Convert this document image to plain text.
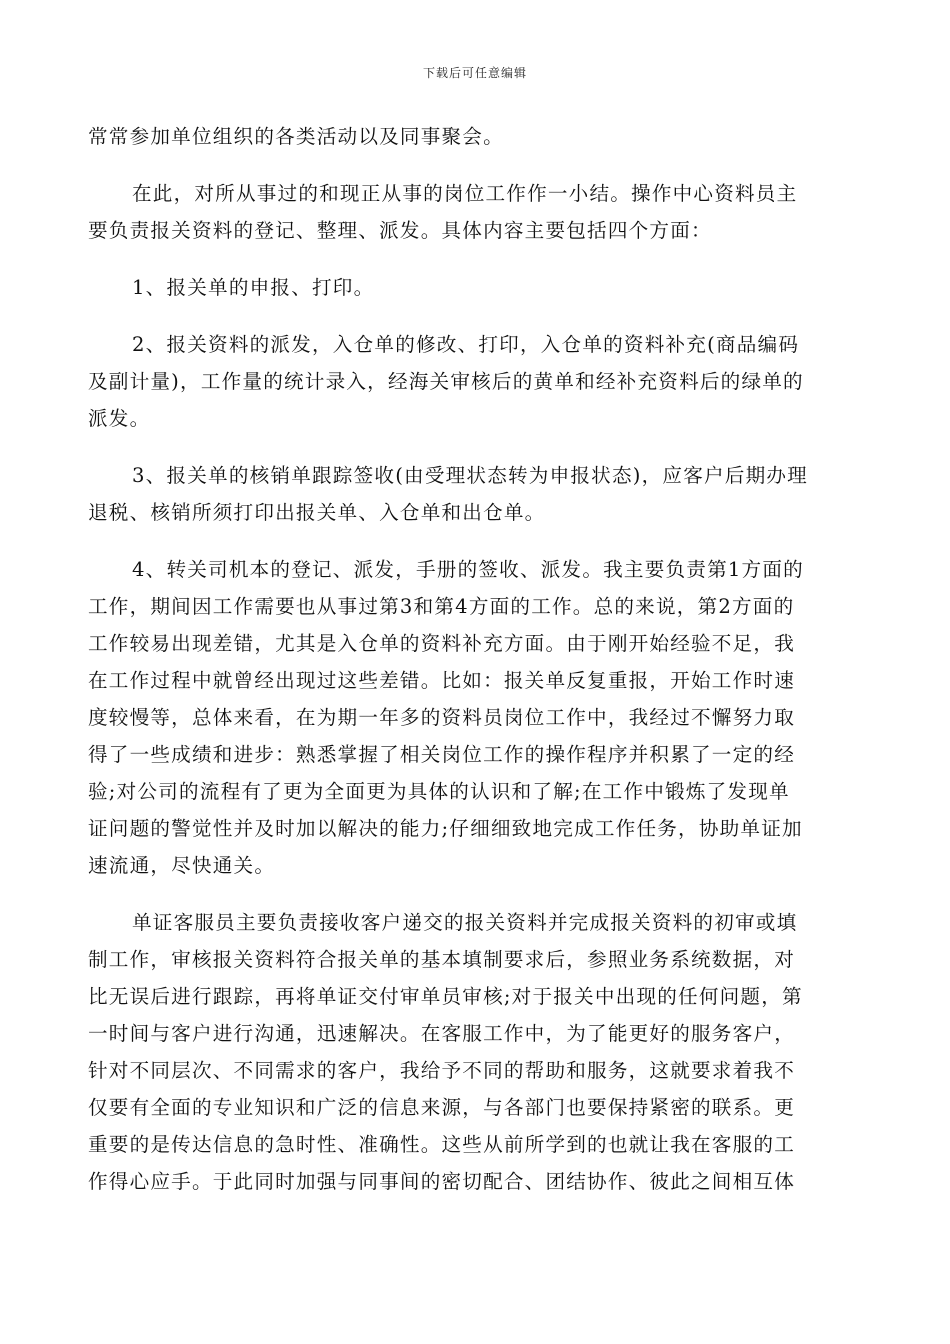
下载后可任意编辑
常常参加单位组织的各类活动以及同事聚会。
在此，对所从事过的和现正从事的岗位工作作一小结。操作中心资料员主
要负责报关资料的登记、整理、派发。具体内容主要包括四个方面：
1、报关单的申报、打印。
2、报关资料的派发，入仓单的修改、打印，入仓单的资料补充(商品编码
及副计量)，工作量的统计录入，经海关审核后的黄单和经补充资料后的绿单的
派发。
3、报关单的核销单跟踪签收(由受理状态转为申报状态)，应客户后期办理
退税、核销所须打印出报关单、入仓单和出仓单。
4、转关司机本的登记、派发，手册的签收、派发。我主要负责第1方面的
工作，期间因工作需要也从事过第3和第4方面的工作。总的来说，第2方面的
工作较易出现差错，尤其是入仓单的资料补充方面。由于刚开始经验不足，我
在工作过程中就曾经出现过这些差错。比如：报关单反复重报，开始工作时速
度较慢等，总体来看，在为期一年多的资料员岗位工作中，我经过不懈努力取
得了一些成绩和进步：熟悉掌握了相关岗位工作的操作程序并积累了一定的经
验;对公司的流程有了更为全面更为具体的认识和了解;在工作中锻炼了发现单
证问题的警觉性并及时加以解决的能力;仔细细致地完成工作任务，协助单证加
速流通，尽快通关。
单证客服员主要负责接收客户递交的报关资料并完成报关资料的初审或填
制工作，审核报关资料符合报关单的基本填制要求后，参照业务系统数据，对
比无误后进行跟踪，再将单证交付审单员审核;对于报关中出现的任何问题，第
一时间与客户进行沟通，迅速解决。在客服工作中，为了能更好的服务客户，
针对不同层次、不同需求的客户，我给予不同的帮助和服务，这就要求着我不
仅要有全面的专业知识和广泛的信息来源，与各部门也要保持紧密的联系。更
重要的是传达信息的急时性、准确性。这些从前所学到的也就让我在客服的工
作得心应手。于此同时加强与同事间的密切配合、团结协作、彼此之间相互体
